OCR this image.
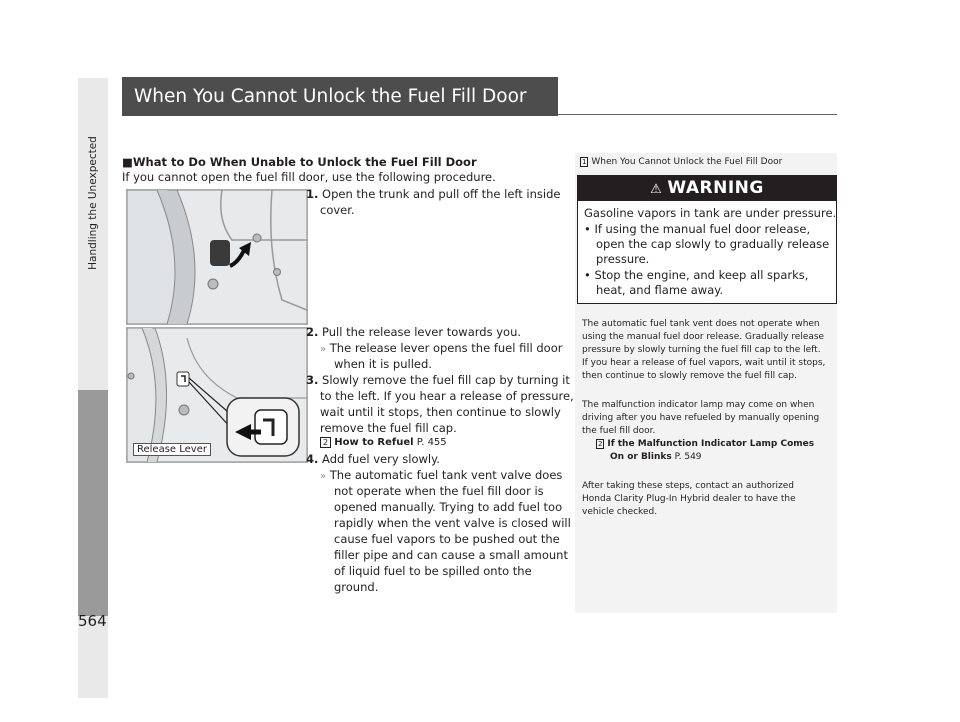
Handling the Unexpected
564
When You Cannot Unlock the Fuel Fill Door
■What to Do When Unable to Unlock the Fuel Fill Door
If you cannot open the fuel fill door, use the following procedure.
1. Open the trunk and pull off the left inside
cover.
Release Lever
2. Pull the release lever towards you.
» The release lever opens the fuel fill door
when it is pulled.
3. Slowly remove the fuel fill cap by turning it
to the left. If you hear a release of pressure,
wait until it stops, then continue to slowly
remove the fuel fill cap.
2 How to Refuel P. 455
4. Add fuel very slowly.
» The automatic fuel tank vent valve does
not operate when the fuel fill door is
opened manually. Trying to add fuel too
rapidly when the vent valve is closed will
cause fuel vapors to be pushed out the
filler pipe and can cause a small amount
of liquid fuel to be spilled onto the
ground.
1 When You Cannot Unlock the Fuel Fill Door
⚠ WARNING
Gasoline vapors in tank are under pressure.
• If using the manual fuel door release,
open the cap slowly to gradually release
pressure.
• Stop the engine, and keep all sparks,
heat, and flame away.
The automatic fuel tank vent does not operate when
using the manual fuel door release. Gradually release
pressure by slowly turning the fuel fill cap to the left.
If you hear a release of fuel vapors, wait until it stops,
then continue to slowly remove the fuel fill cap.
The malfunction indicator lamp may come on when
driving after you have refueled by manually opening
the fuel fill door.
2 If the Malfunction Indicator Lamp Comes
On or Blinks P. 549
After taking these steps, contact an authorized
Honda Clarity Plug-In Hybrid dealer to have the
vehicle checked.
